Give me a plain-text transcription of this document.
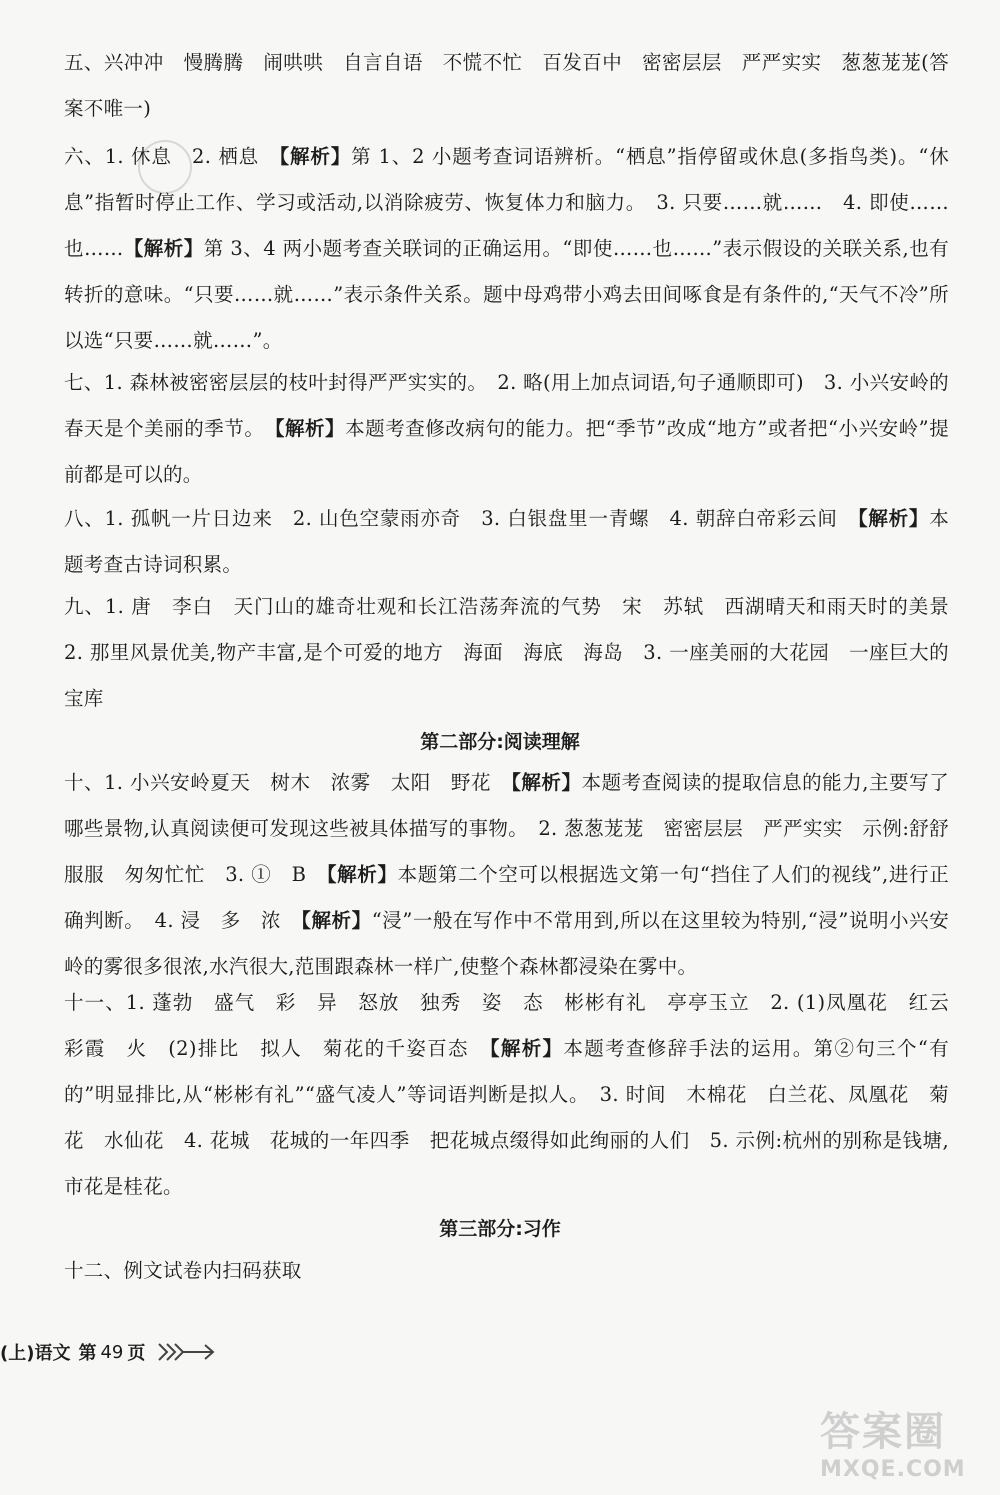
五、兴冲冲　慢腾腾　闹哄哄　自言自语　不慌不忙　百发百中　密密层层　严严实实　葱葱茏茏(答案不唯一)
六、1. 休息　2. 栖息　【解析】第 1、2 小题考查词语辨析。“栖息”指停留或休息(多指鸟类)。“休息”指暂时停止工作、学习或活动,以消除疲劳、恢复体力和脑力。　3. 只要……就……　4. 即使……也……【解析】第 3、4 两小题考查关联词的正确运用。“即使……也……”表示假设的关联关系,也有转折的意味。“只要……就……”表示条件关系。题中母鸡带小鸡去田间啄食是有条件的,“天气不冷”所以选“只要……就……”。
七、1. 森林被密密层层的枝叶封得严严实实的。　2. 略(用上加点词语,句子通顺即可)　3. 小兴安岭的春天是个美丽的季节。　【解析】本题考查修改病句的能力。把“季节”改成“地方”或者把“小兴安岭”提前都是可以的。
八、1. 孤帆一片日边来　2. 山色空蒙雨亦奇　3. 白银盘里一青螺　4. 朝辞白帝彩云间　【解析】本题考查古诗词积累。
九、1. 唐　李白　天门山的雄奇壮观和长江浩荡奔流的气势　宋　苏轼　西湖晴天和雨天时的美景　2. 那里风景优美,物产丰富,是个可爱的地方　海面　海底　海岛　3. 一座美丽的大花园　一座巨大的宝库
第二部分:阅读理解
十、1. 小兴安岭夏天　树木　浓雾　太阳　野花　【解析】本题考查阅读的提取信息的能力,主要写了哪些景物,认真阅读便可发现这些被具体描写的事物。　2. 葱葱茏茏　密密层层　严严实实　示例:舒舒服服　匆匆忙忙　3. ①　B　【解析】本题第二个空可以根据选文第一句“挡住了人们的视线”,进行正确判断。　4. 浸　多　浓　【解析】“浸”一般在写作中不常用到,所以在这里较为特别,“浸”说明小兴安岭的雾很多很浓,水汽很大,范围跟森林一样广,使整个森林都浸染在雾中。
十一、1. 蓬勃　盛气　彩　异　怒放　独秀　姿　态　彬彬有礼　亭亭玉立　2. (1)凤凰花　红云　彩霞　火　(2)排比　拟人　菊花的千姿百态　【解析】本题考查修辞手法的运用。第②句三个“有的”明显排比,从“彬彬有礼”“盛气凌人”等词语判断是拟人。　3. 时间　木棉花　白兰花、凤凰花　菊花　水仙花　4. 花城　花城的一年四季　把花城点缀得如此绚丽的人们　5. 示例:杭州的别称是钱塘,市花是桂花。
第三部分:习作
十二、例文试卷内扫码获取
(上)语文 第 49 页
答案圈
MXQE.COM
